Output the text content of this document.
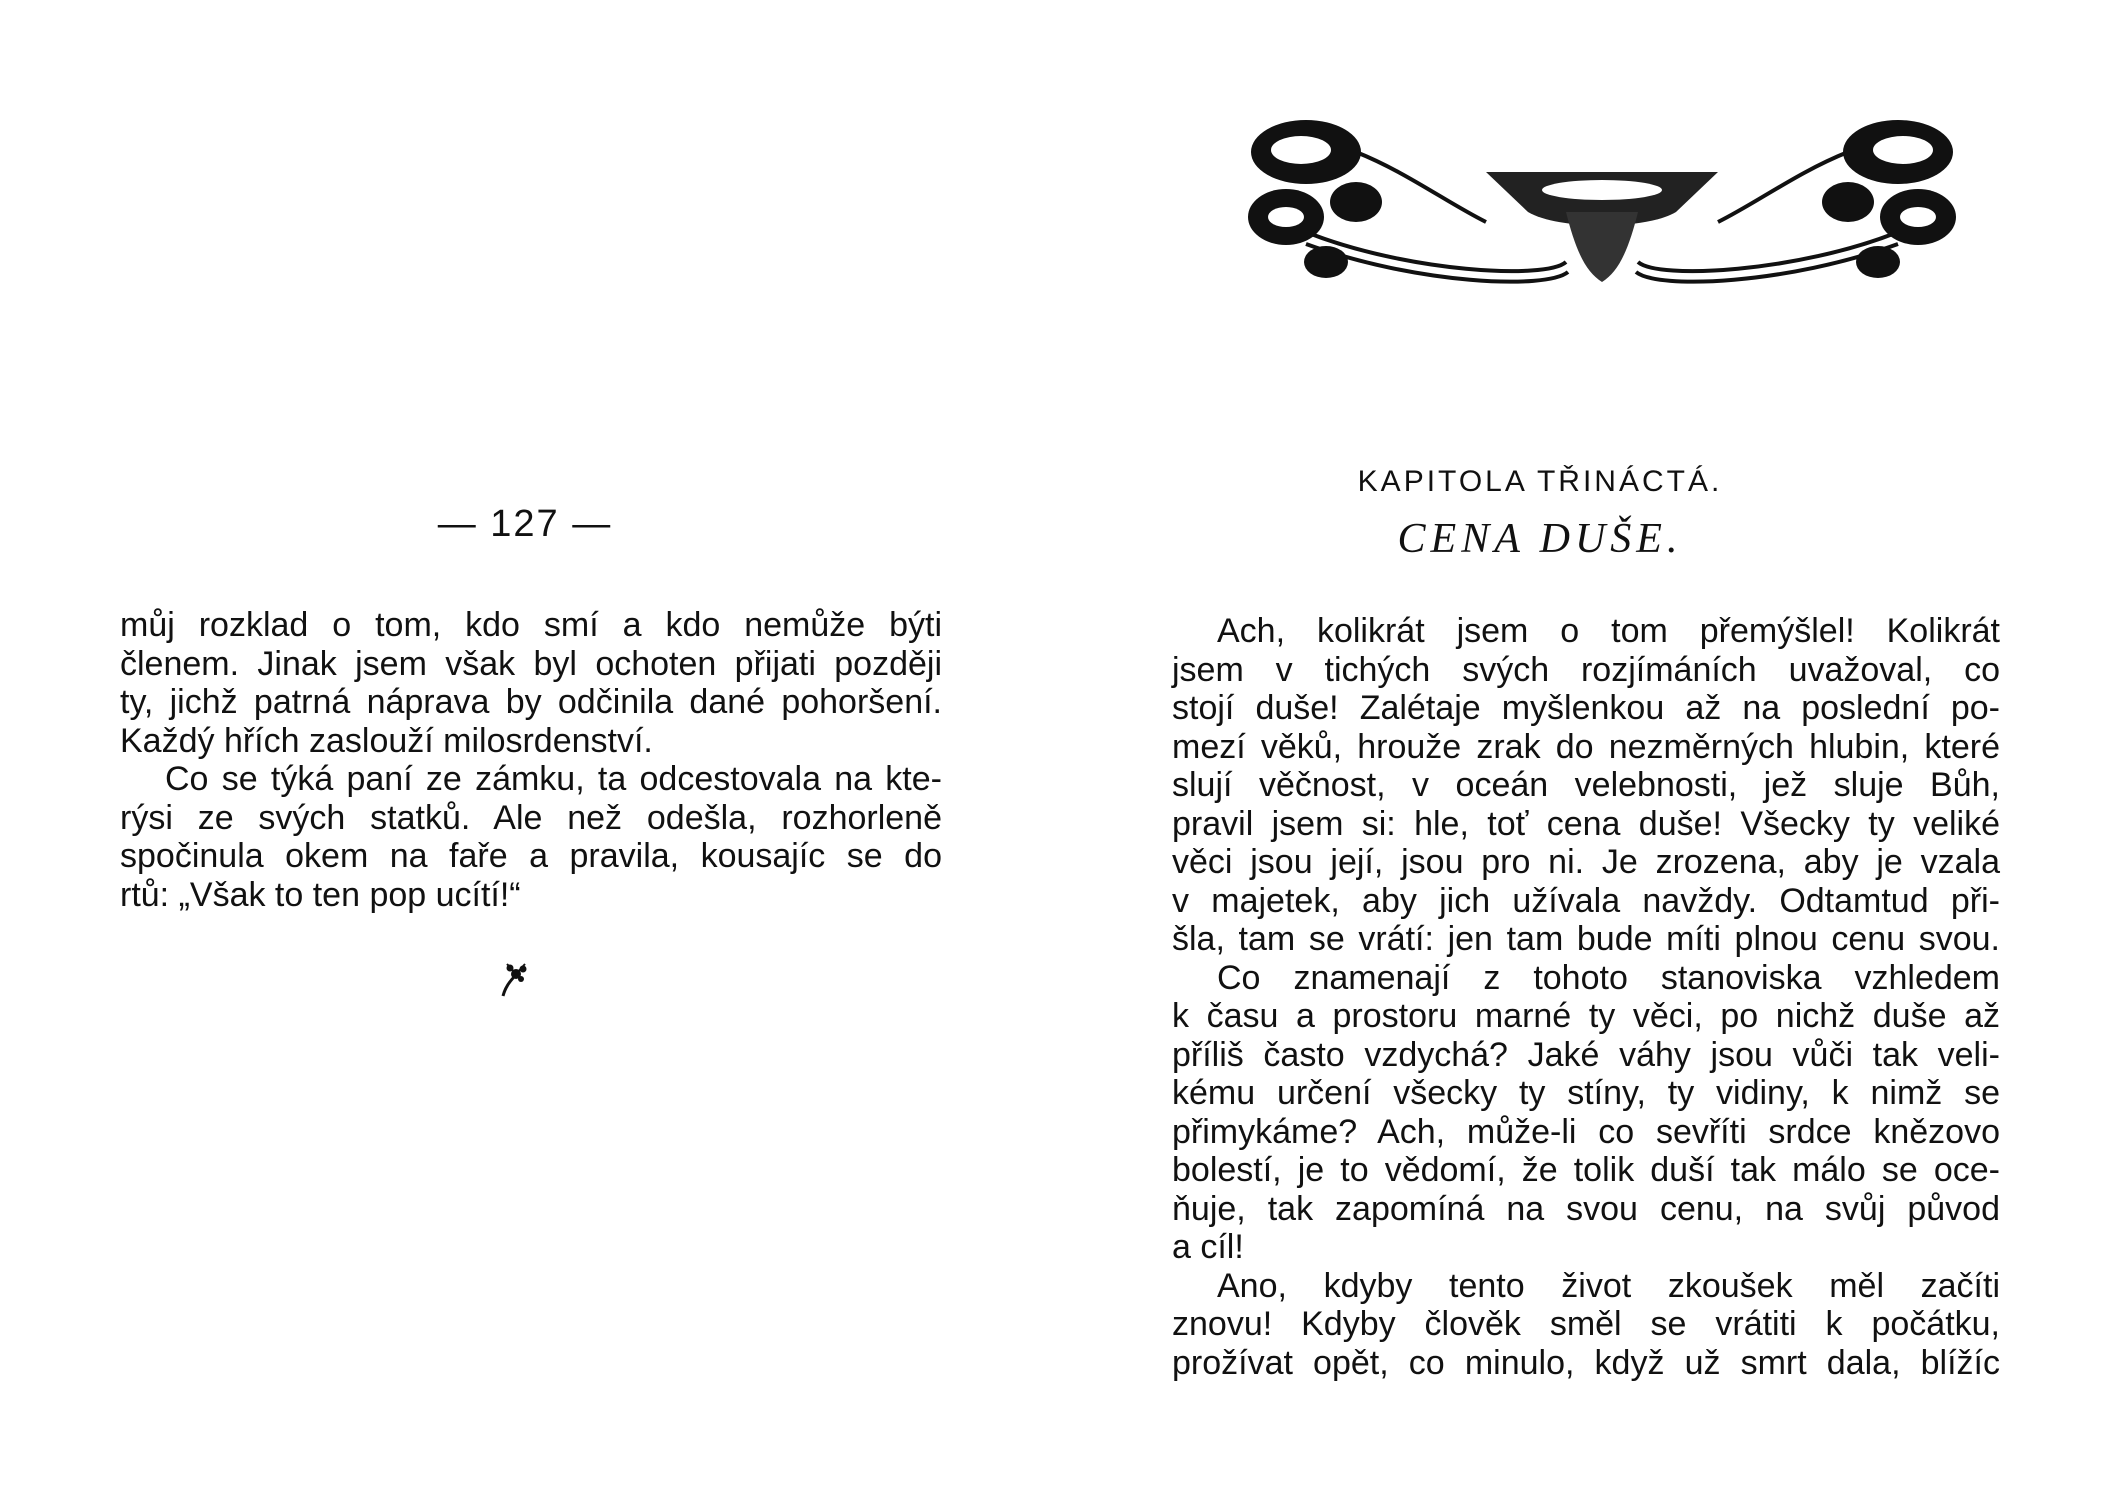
— 127 —
můj rozklad o tom, kdo smí a kdo nemůže býti
členem. Jinak jsem však byl ochoten přijati později
ty, jichž patrná náprava by odčinila dané pohoršení.
Každý hřích zaslouží milosrdenství.
Co se týká paní ze zámku, ta odcestovala na kte-
rýsi ze svých statků. Ale než odešla, rozhorleně
spočinula okem na faře a pravila, kousajíc se do
rtů: „Však to ten pop ucítí!“
KAPITOLA TŘINÁCTÁ.
CENA DUŠE.
Ach, kolikrát jsem o tom přemýšlel! Kolikrát
jsem v tichých svých rozjímáních uvažoval, co
stojí duše! Zalétaje myšlenkou až na poslední po-
mezí věků, hrouže zrak do nezměrných hlubin, které
slují věčnost, v oceán velebnosti, jež sluje Bůh,
pravil jsem si: hle, toť cena duše! Všecky ty veliké
věci jsou její, jsou pro ni. Je zrozena, aby je vzala
v majetek, aby jich užívala navždy. Odtamtud při-
šla, tam se vrátí: jen tam bude míti plnou cenu svou.
Co znamenají z tohoto stanoviska vzhledem
k času a prostoru marné ty věci, po nichž duše až
příliš často vzdychá? Jaké váhy jsou vůči tak veli-
kému určení všecky ty stíny, ty vidiny, k nimž se
přimykáme? Ach, může-li co sevříti srdce knězovo
bolestí, je to vědomí, že tolik duší tak málo se oce-
ňuje, tak zapomíná na svou cenu, na svůj původ
a cíl!
Ano, kdyby tento život zkoušek měl začíti
znovu! Kdyby člověk směl se vrátiti k počátku,
prožívat opět, co minulo, když už smrt dala, blížíc
